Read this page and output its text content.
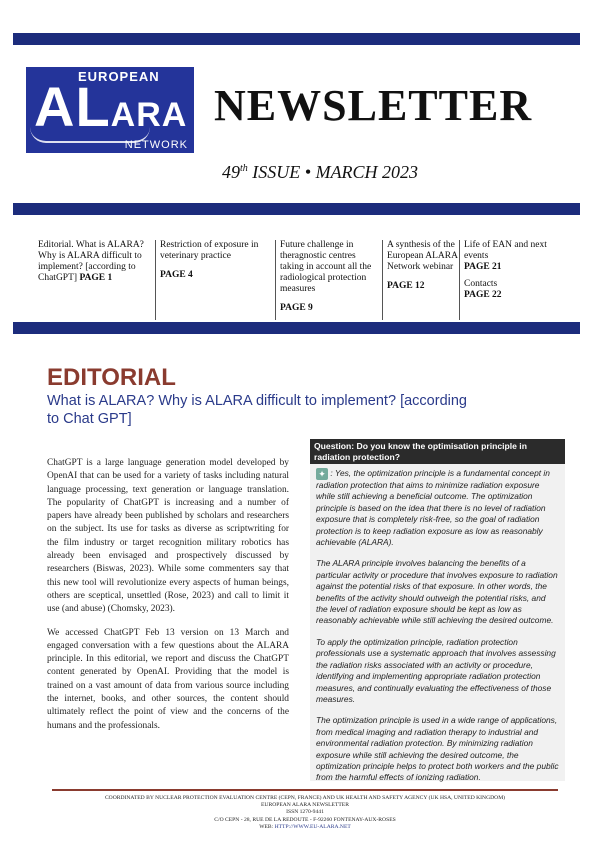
EUROPEAN
ALARA
NETWORK
NEWSLETTER
49th ISSUE • MARCH 2023
Editorial. What is ALARA? Why is ALARA difficult to implement? [according to ChatGPT] PAGE 1
Restriction of exposure in veterinary practice
PAGE 4
Future challenge in theragnostic centres taking in account all the radiological protection measures
PAGE 9
A synthesis of the European ALARA Network webinar
PAGE 12
Life of EAN and next events
PAGE 21
Contacts
PAGE 22
EDITORIAL

What is ALARA? Why is ALARA difficult to implement? [according to Chat GPT]

ChatGPT is a large language generation model developed by OpenAI that can be used for a variety of tasks including natural language processing, text generation or language translation. The popularity of ChatGPT is increasing and a number of papers have already been published by scholars and researchers on the subject. Its use for tasks as diverse as scriptwriting for the film industry or target recognition military robotics has already been envisaged and prospectively discussed by researchers (Biswas, 2023). While some commenters say that this new tool will revolutionize every aspects of human beings, others are sceptical, unsettled (Rose, 2023) and call to limit it use (and abuse) (Chomsky, 2023).

We accessed ChatGPT Feb 13 version on 13 March and engaged conversation with a few questions about the ALARA principle. In this editorial, we report and discuss the ChatGPT content generated by OpenAI. Providing that the model is trained on a vast amount of data from various source including the internet, books, and other sources, the content should ultimately reflect the point of view and the concerns of the humans and the professionals.

Question: Do you know the optimisation principle in radiation protection?

✦ : Yes, the optimization principle is a fundamental concept in radiation protection that aims to minimize radiation exposure while still achieving a beneficial outcome. The optimization principle is based on the idea that there is no level of radiation exposure that is completely risk-free, so the goal of radiation protection is to keep radiation exposure as low as reasonably achievable (ALARA).

The ALARA principle involves balancing the benefits of a particular activity or procedure that involves exposure to radiation against the potential risks of that exposure. In other words, the benefits of the activity should outweigh the potential risks, and the level of radiation exposure should be kept as low as reasonably achievable while still achieving the desired outcome.

To apply the optimization principle, radiation protection professionals use a systematic approach that involves assessing the radiation risks associated with an activity or procedure, identifying and implementing appropriate radiation protection measures, and continually evaluating the effectiveness of those measures.

The optimization principle is used in a wide range of applications, from medical imaging and radiation therapy to industrial and environmental radiation protection. By minimizing radiation exposure while still achieving the desired outcome, the optimization principle helps to protect both workers and the public from the harmful effects of ionizing radiation.

COORDINATED BY NUCLEAR PROTECTION EVALUATION CENTRE (CEPN, FRANCE) AND UK HEALTH AND SAFETY AGENCY (UK HSA, UNITED KINGDOM)
EUROPEAN ALARA NEWSLETTER
ISSN 1270-9441
C/O CEPN - 28, RUE DE LA REDOUTE - F-92260 FONTENAY-AUX-ROSES
WEB: HTTP://WWW.EU-ALARA.NET
